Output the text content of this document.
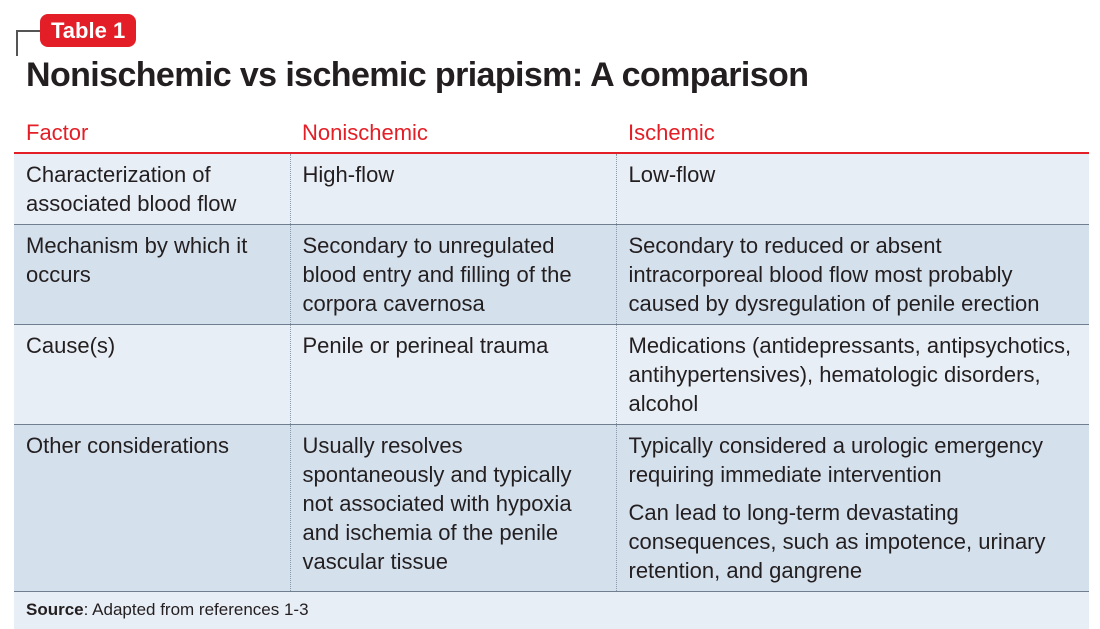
Table 1
Nonischemic vs ischemic priapism: A comparison
Factor	Nonischemic	Ischemic
Characterization of associated blood flow	High-flow	Low-flow

Mechanism by which it occurs	Secondary to unregulated blood entry and filling of the corpora cavernosa	Secondary to reduced or absent intracorporeal blood flow most probably caused by dysregulation of penile erection

Cause(s)	Penile or perineal trauma	Medications (antidepressants, antipsychotics, antihypertensives), hematologic disorders, alcohol

Other considerations	Usually resolves spontaneously and typically not associated with hypoxia and ischemia of the penile vascular tissue	Typically considered a urologic emergency requiring immediate intervention

Can lead to long-term devastating consequences, such as impotence, urinary retention, and gangrene

Source: Adapted from references 1-3		
